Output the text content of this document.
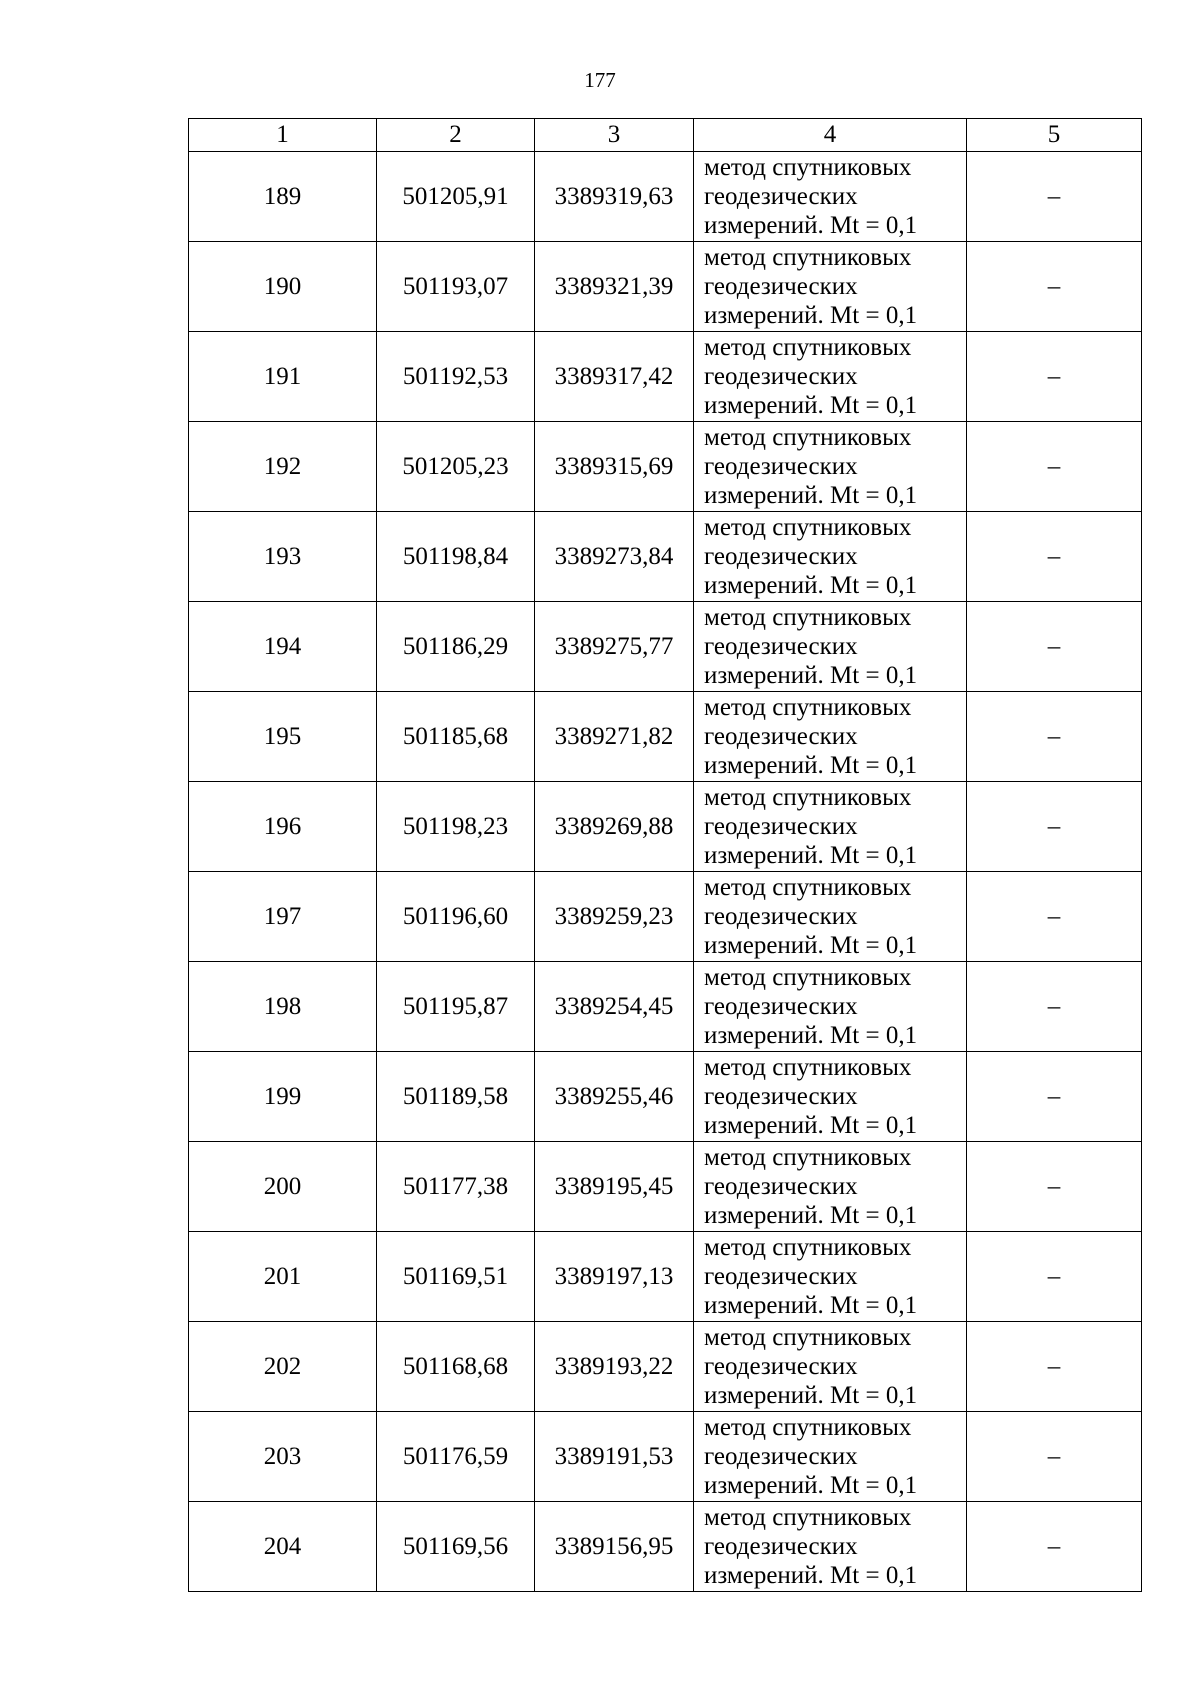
177
1	2	3	4	5
189	501205,91	3389319,63	метод спутниковых
геодезических
измерений. Mt = 0,1	–
190	501193,07	3389321,39	метод спутниковых
геодезических
измерений. Mt = 0,1	–
191	501192,53	3389317,42	метод спутниковых
геодезических
измерений. Mt = 0,1	–
192	501205,23	3389315,69	метод спутниковых
геодезических
измерений. Mt = 0,1	–
193	501198,84	3389273,84	метод спутниковых
геодезических
измерений. Mt = 0,1	–
194	501186,29	3389275,77	метод спутниковых
геодезических
измерений. Mt = 0,1	–
195	501185,68	3389271,82	метод спутниковых
геодезических
измерений. Mt = 0,1	–
196	501198,23	3389269,88	метод спутниковых
геодезических
измерений. Mt = 0,1	–
197	501196,60	3389259,23	метод спутниковых
геодезических
измерений. Mt = 0,1	–
198	501195,87	3389254,45	метод спутниковых
геодезических
измерений. Mt = 0,1	–
199	501189,58	3389255,46	метод спутниковых
геодезических
измерений. Mt = 0,1	–
200	501177,38	3389195,45	метод спутниковых
геодезических
измерений. Mt = 0,1	–
201	501169,51	3389197,13	метод спутниковых
геодезических
измерений. Mt = 0,1	–
202	501168,68	3389193,22	метод спутниковых
геодезических
измерений. Mt = 0,1	–
203	501176,59	3389191,53	метод спутниковых
геодезических
измерений. Mt = 0,1	–
204	501169,56	3389156,95	метод спутниковых
геодезических
измерений. Mt = 0,1	–
